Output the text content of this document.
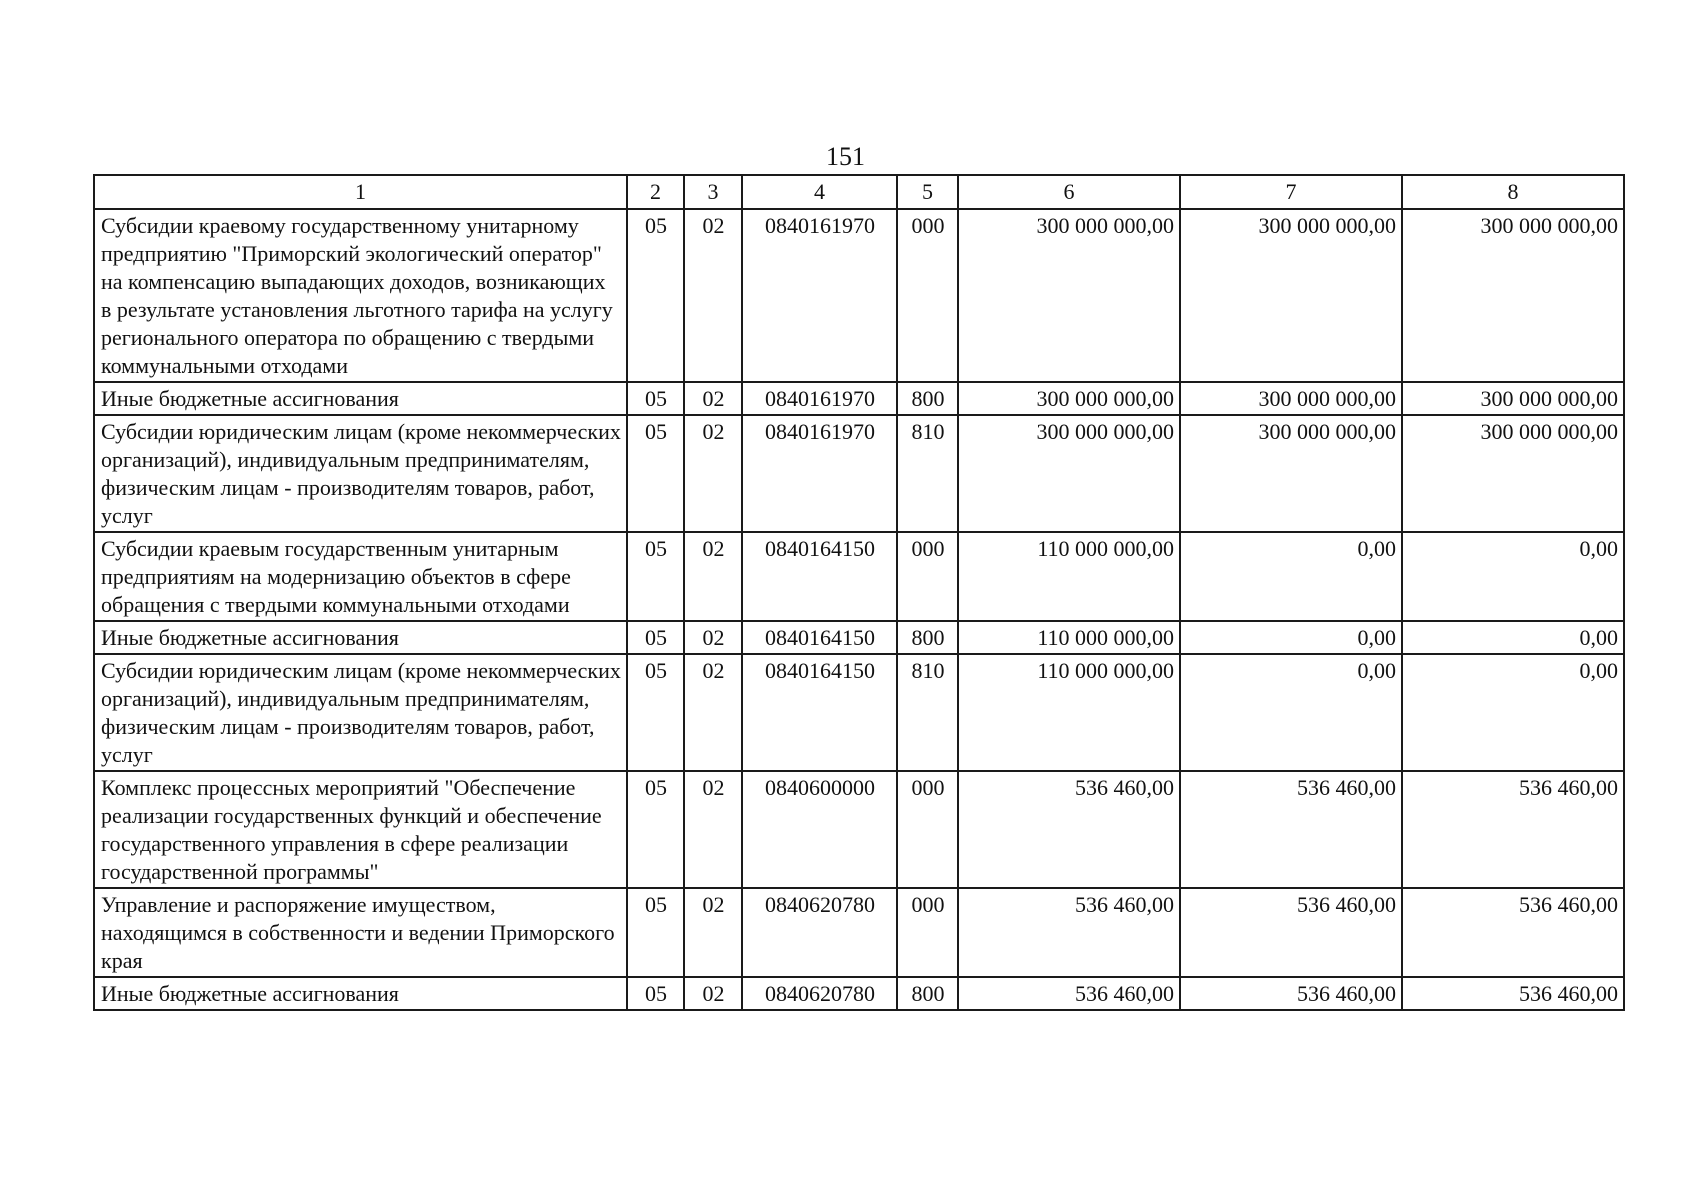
151
1	2	3	4	5	6	7	8
Субсидии краевому государственному унитарному предприятию "Приморский экологический оператор" на компенсацию выпадающих доходов, возникающих в результате установления льготного тарифа на услугу регионального оператора по обращению с твердыми коммунальными отходами	05	02	0840161970	000	300 000 000,00	300 000 000,00	300 000 000,00
Иные бюджетные ассигнования	05	02	0840161970	800	300 000 000,00	300 000 000,00	300 000 000,00
Субсидии юридическим лицам (кроме некоммерческих организаций), индивидуальным предпринимателям, физическим лицам - производителям товаров, работ, услуг	05	02	0840161970	810	300 000 000,00	300 000 000,00	300 000 000,00
Субсидии краевым государственным унитарным предприятиям на модернизацию объектов в сфере обращения с твердыми коммунальными отходами	05	02	0840164150	000	110 000 000,00	0,00	0,00
Иные бюджетные ассигнования	05	02	0840164150	800	110 000 000,00	0,00	0,00
Субсидии юридическим лицам (кроме некоммерческих организаций), индивидуальным предпринимателям, физическим лицам - производителям товаров, работ, услуг	05	02	0840164150	810	110 000 000,00	0,00	0,00
Комплекс процессных мероприятий "Обеспечение реализации государственных функций и обеспечение государственного управления в сфере реализации государственной программы"	05	02	0840600000	000	536 460,00	536 460,00	536 460,00
Управление и распоряжение имуществом, находящимся в собственности и ведении Приморского края	05	02	0840620780	000	536 460,00	536 460,00	536 460,00
Иные бюджетные ассигнования	05	02	0840620780	800	536 460,00	536 460,00	536 460,00
